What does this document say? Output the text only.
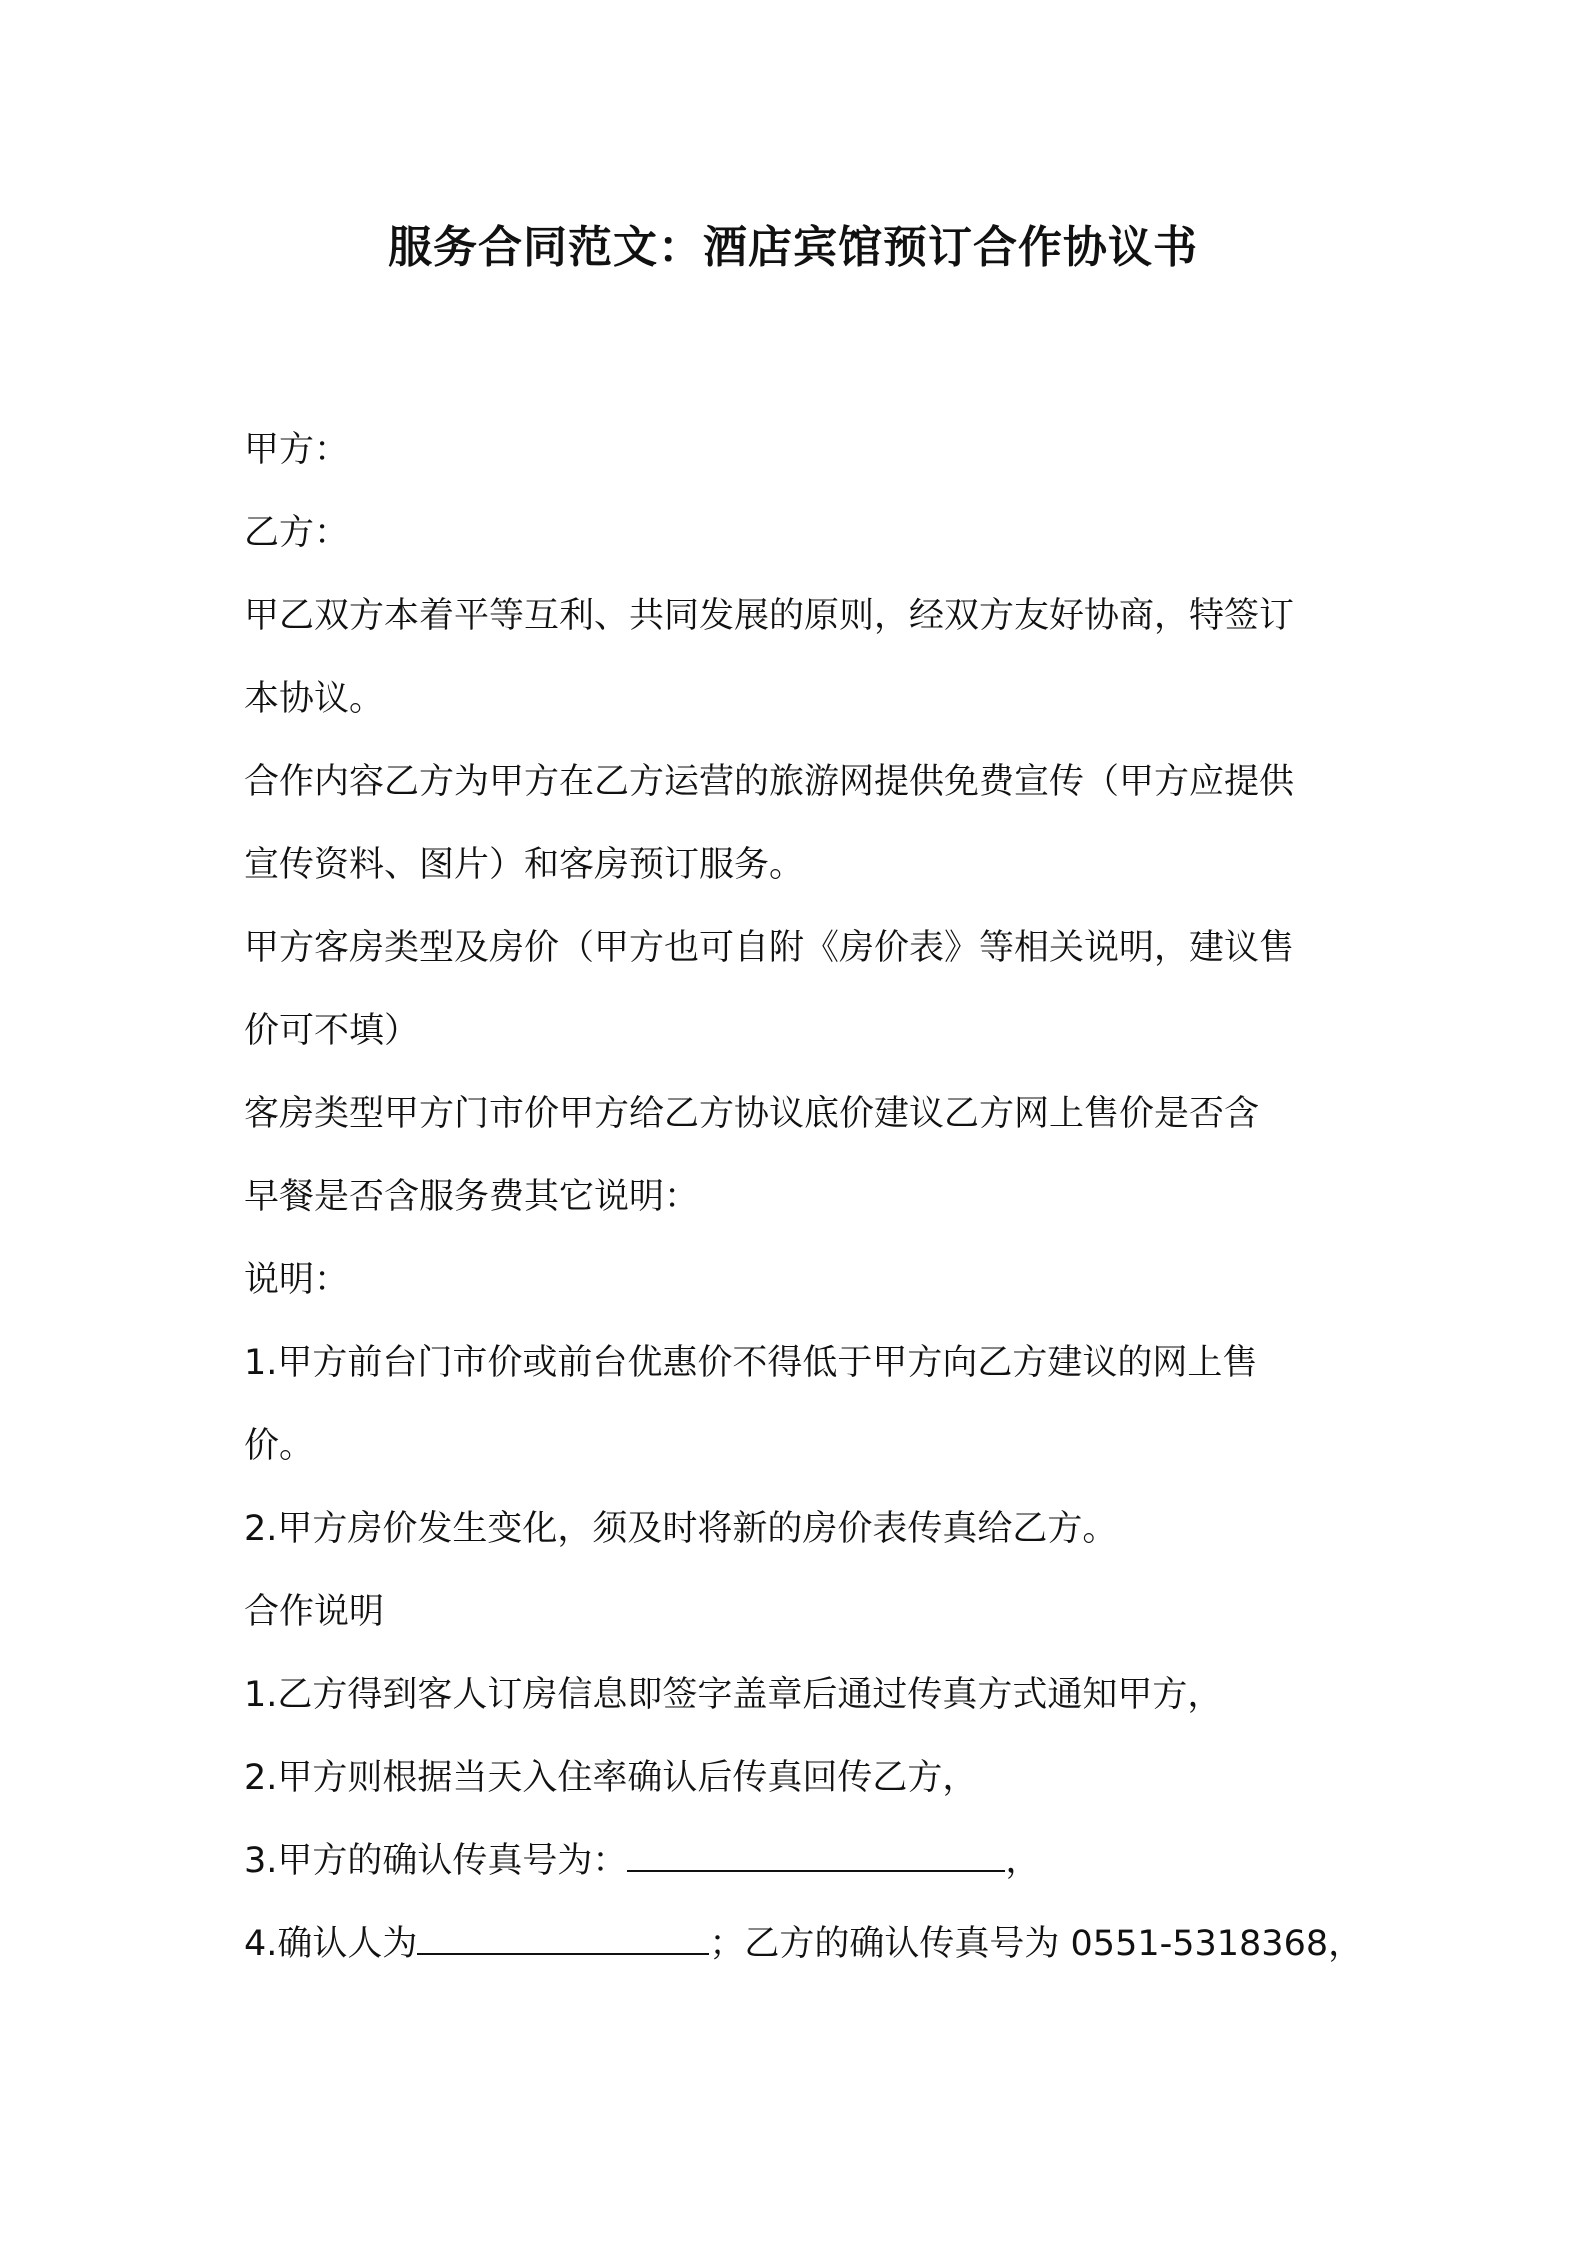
服务合同范文：酒店宾馆预订合作协议书
甲方：
乙方：
甲乙双方本着平等互利、共同发展的原则，经双方友好协商，特签订
本协议。
合作内容乙方为甲方在乙方运营的旅游网提供免费宣传（甲方应提供
宣传资料、图片）和客房预订服务。
甲方客房类型及房价（甲方也可自附《房价表》等相关说明，建议售
价可不填）
客房类型甲方门市价甲方给乙方协议底价建议乙方网上售价是否含
早餐是否含服务费其它说明：
说明：
1.甲方前台门市价或前台优惠价不得低于甲方向乙方建议的网上售
价。
2.甲方房价发生变化，须及时将新的房价表传真给乙方。
合作说明
1.乙方得到客人订房信息即签字盖章后通过传真方式通知甲方，
2.甲方则根据当天入住率确认后传真回传乙方，
3.甲方的确认传真号为：	，
4.确认人为	；乙方的确认传真号为 0551-5318368，
